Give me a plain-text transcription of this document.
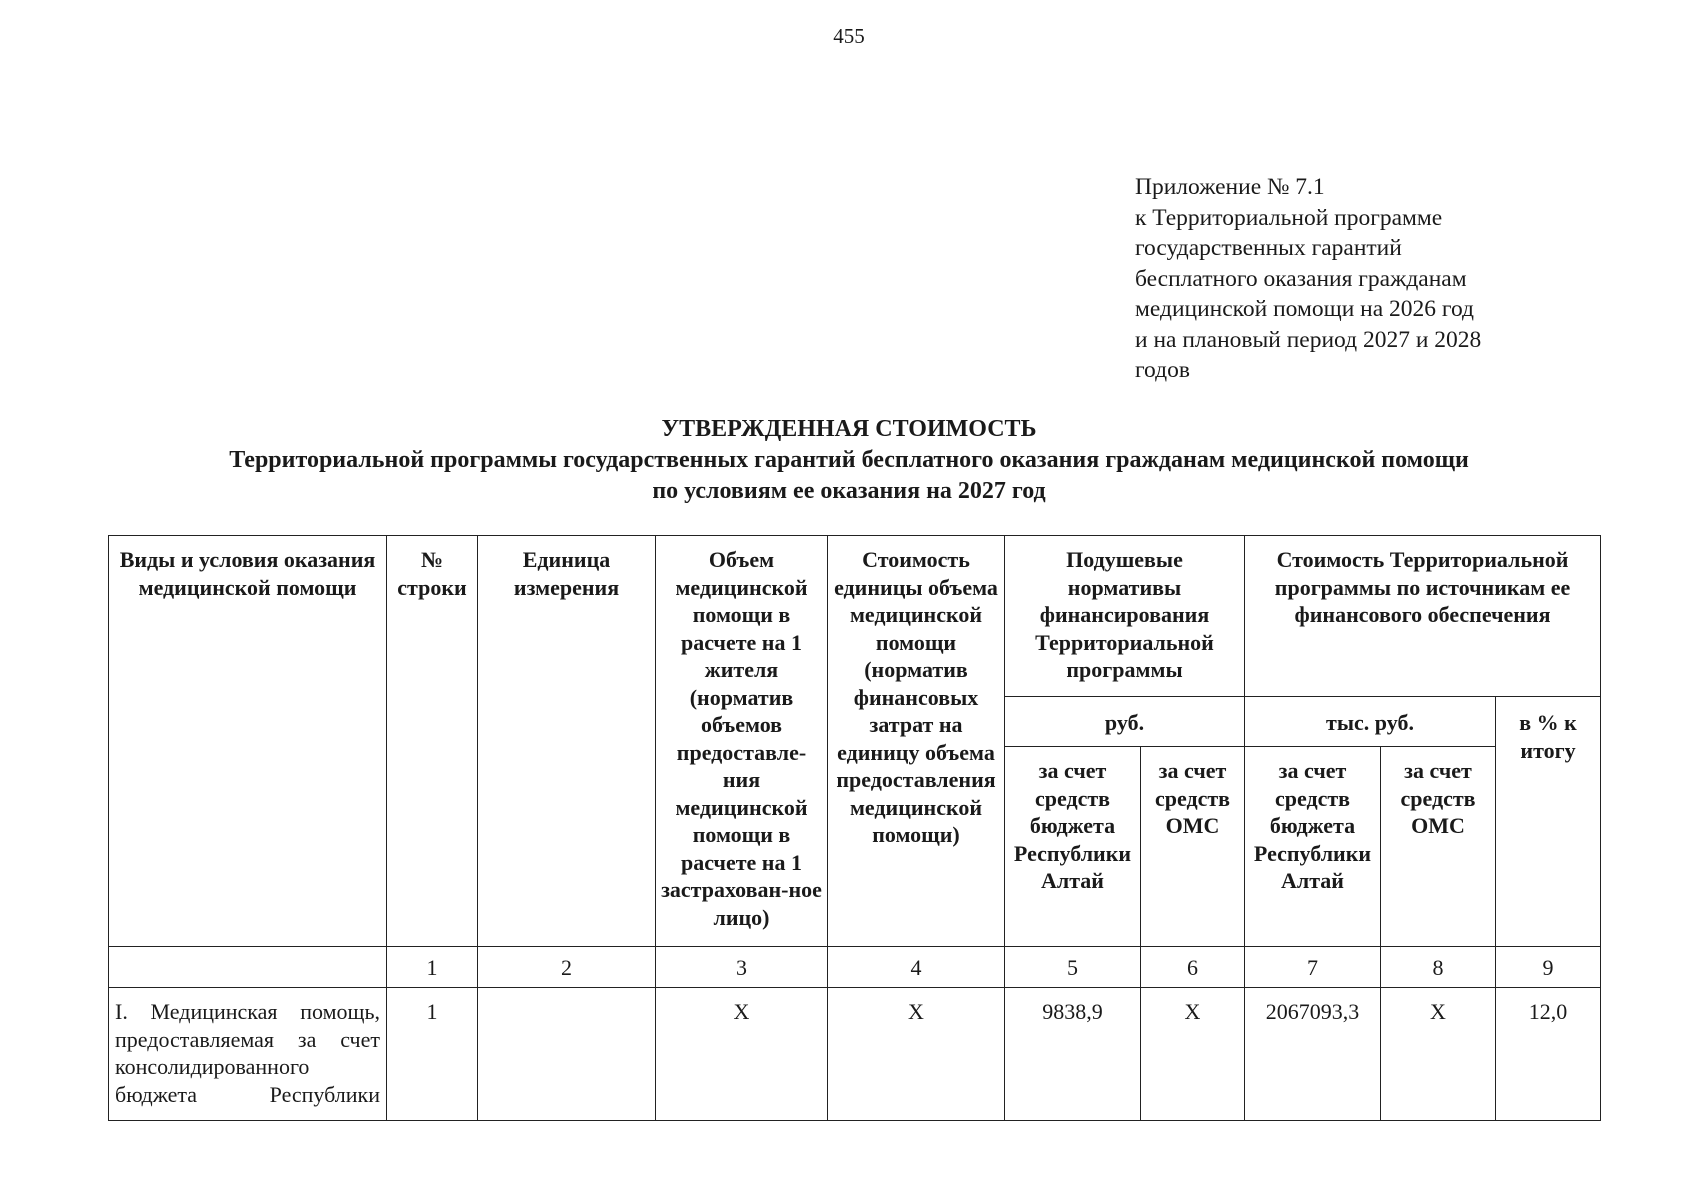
455
Приложение № 7.1
к Территориальной программе
государственных гарантий
бесплатного оказания гражданам
медицинской помощи на 2026 год
и на плановый период 2027 и 2028
годов
УТВЕРЖДЕННАЯ СТОИМОСТЬ
Территориальной программы государственных гарантий бесплатного оказания гражданам медицинской помощи
по условиям ее оказания на 2027 год
Виды и условия оказания медицинской помощи	№ строки	Единица измерения	Объем медицинской помощи в расчете на 1 жителя (норматив объемов предоставле-ния медицинской помощи в расчете на 1 застрахован-ное лицо)	Стоимость единицы объема медицинской помощи (норматив финансовых затрат на единицу объема предоставления медицинской помощи)	Подушевые нормативы финансирования Территориальной программы		Стоимость Территориальной программы по источникам ее финансового обеспечения		
					руб.		тыс. руб.		в % к итогу
					за счет средств бюджета Республики Алтай	за счет средств ОМС	за счет средств бюджета Республики Алтай	за счет средств ОМС	
	1	2	3	4	5	6	7	8	9

I. Медицинская помощь,
предоставляемая за счет
консолидированного
бюджета Республики	1		X	X	9838,9	X	2067093,3	X	12,0
